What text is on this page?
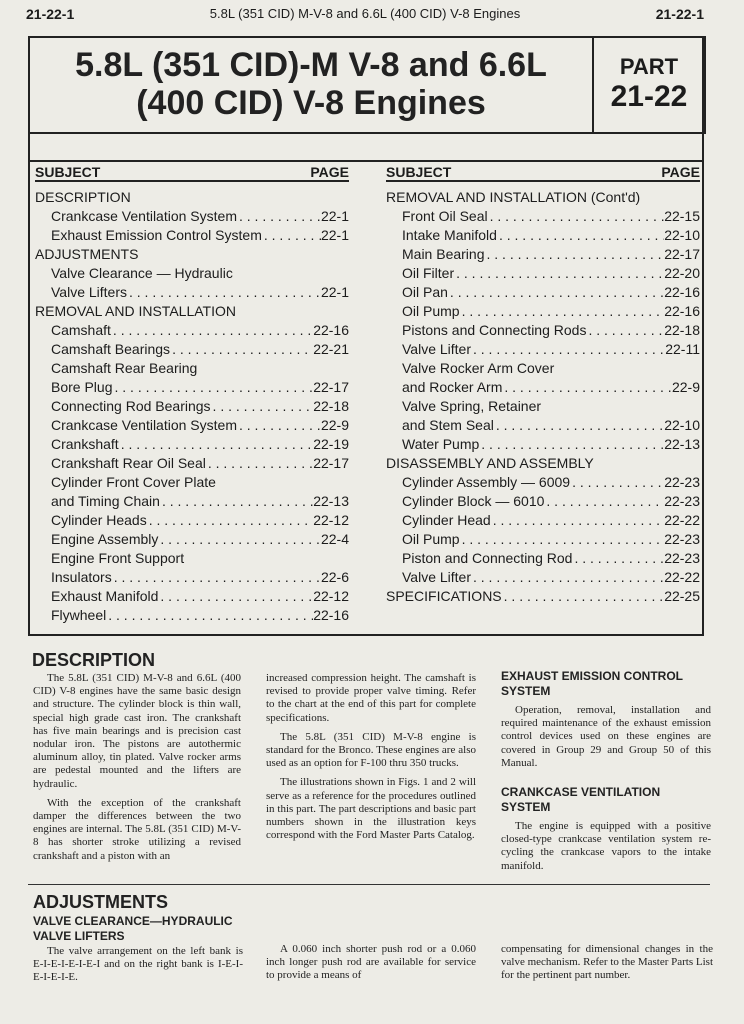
21-22-1	5.8L (351 CID) M-V-8 and 6.6L (400 CID) V-8 Engines	21-22-1
5.8L (351 CID)-M V-8 and 6.6L
(400 CID) V-8 Engines
PART
21-22
SUBJECT	PAGE
DESCRIPTION
Crankcase Ventilation System . . .	22-1
Exhaust Emission Control System . . .	22-1
ADJUSTMENTS
Valve Clearance — Hydraulic
Valve Lifters . . .	22-1
REMOVAL AND INSTALLATION
Camshaft . . .	22-16
Camshaft Bearings . . .	22-21
Camshaft Rear Bearing
Bore Plug . . .	22-17
Connecting Rod Bearings . . .	22-18
Crankcase Ventilation System . . .	22-9
Crankshaft . . .	22-19
Crankshaft Rear Oil Seal . . .	22-17
Cylinder Front Cover Plate
and Timing Chain . . .	22-13
Cylinder Heads . . .	22-12
Engine Assembly . . .	22-4
Engine Front Support
Insulators . . .	22-6
Exhaust Manifold . . .	22-12
Flywheel . . .	22-16
SUBJECT	PAGE
REMOVAL AND INSTALLATION (Cont'd)
Front Oil Seal . . .	22-15
Intake Manifold . . .	22-10
Main Bearing . . .	22-17
Oil Filter . . .	22-20
Oil Pan . . .	22-16
Oil Pump . . .	22-16
Pistons and Connecting Rods . . .	22-18
Valve Lifter . . .	22-11
Valve Rocker Arm Cover
and Rocker Arm . . .	22-9
Valve Spring, Retainer
and Stem Seal . . .	22-10
Water Pump . . .	22-13
DISASSEMBLY AND ASSEMBLY
Cylinder Assembly — 6009 . . .	22-23
Cylinder Block — 6010 . . .	22-23
Cylinder Head . . .	22-22
Oil Pump . . .	22-23
Piston and Connecting Rod . . .	22-23
Valve Lifter . . .	22-22
SPECIFICATIONS . . .	22-25
DESCRIPTION

The 5.8L (351 CID) M-V-8 and 6.6L (400 CID) V-8 engines have the same basic design and structure. The cylinder block is thin wall, special high grade cast iron. The crankshaft has five main bearings and is precision cast nodular iron. The pistons are autothermic aluminum alloy, tin plated. Valve rocker arms are pedestal mounted and the lifters are hydraulic.

With the exception of the crankshaft damper the differences between the two engines are internal. The 5.8L (351 CID) M-V-8 has shorter stroke utilizing a revised crankshaft and a piston with an

increased compression height. The camshaft is revised to provide proper valve timing. Refer to the chart at the end of this part for complete specifications.

The 5.8L (351 CID) M-V-8 engine is standard for the Bronco. These engines are also used as an option for F-100 thru 350 trucks.

The illustrations shown in Figs. 1 and 2 will serve as a reference for the procedures outlined in this part. The part descriptions and basic part numbers shown in the illustration keys correspond with the Ford Master Parts Catalog.

EXHAUST EMISSION CONTROL
SYSTEM

Operation, removal, installation and required maintenance of the exhaust emission control devices used on these engines are covered in Group 29 and Group 50 of this Manual.

CRANKCASE VENTILATION
SYSTEM

The engine is equipped with a positive closed-type crankcase ventilation system re-cycling the crankcase vapors to the intake manifold.

ADJUSTMENTS
VALVE CLEARANCE—HYDRAULIC
VALVE LIFTERS

The valve arrangement on the left bank is E-I-E-I-E-I-E-I and on the right bank is I-E-I-E-I-E-I-E.

A 0.060 inch shorter push rod or a 0.060 inch longer push rod are available for service to provide a means of

compensating for dimensional changes in the valve mechanism. Refer to the Master Parts List for the pertinent part number.
